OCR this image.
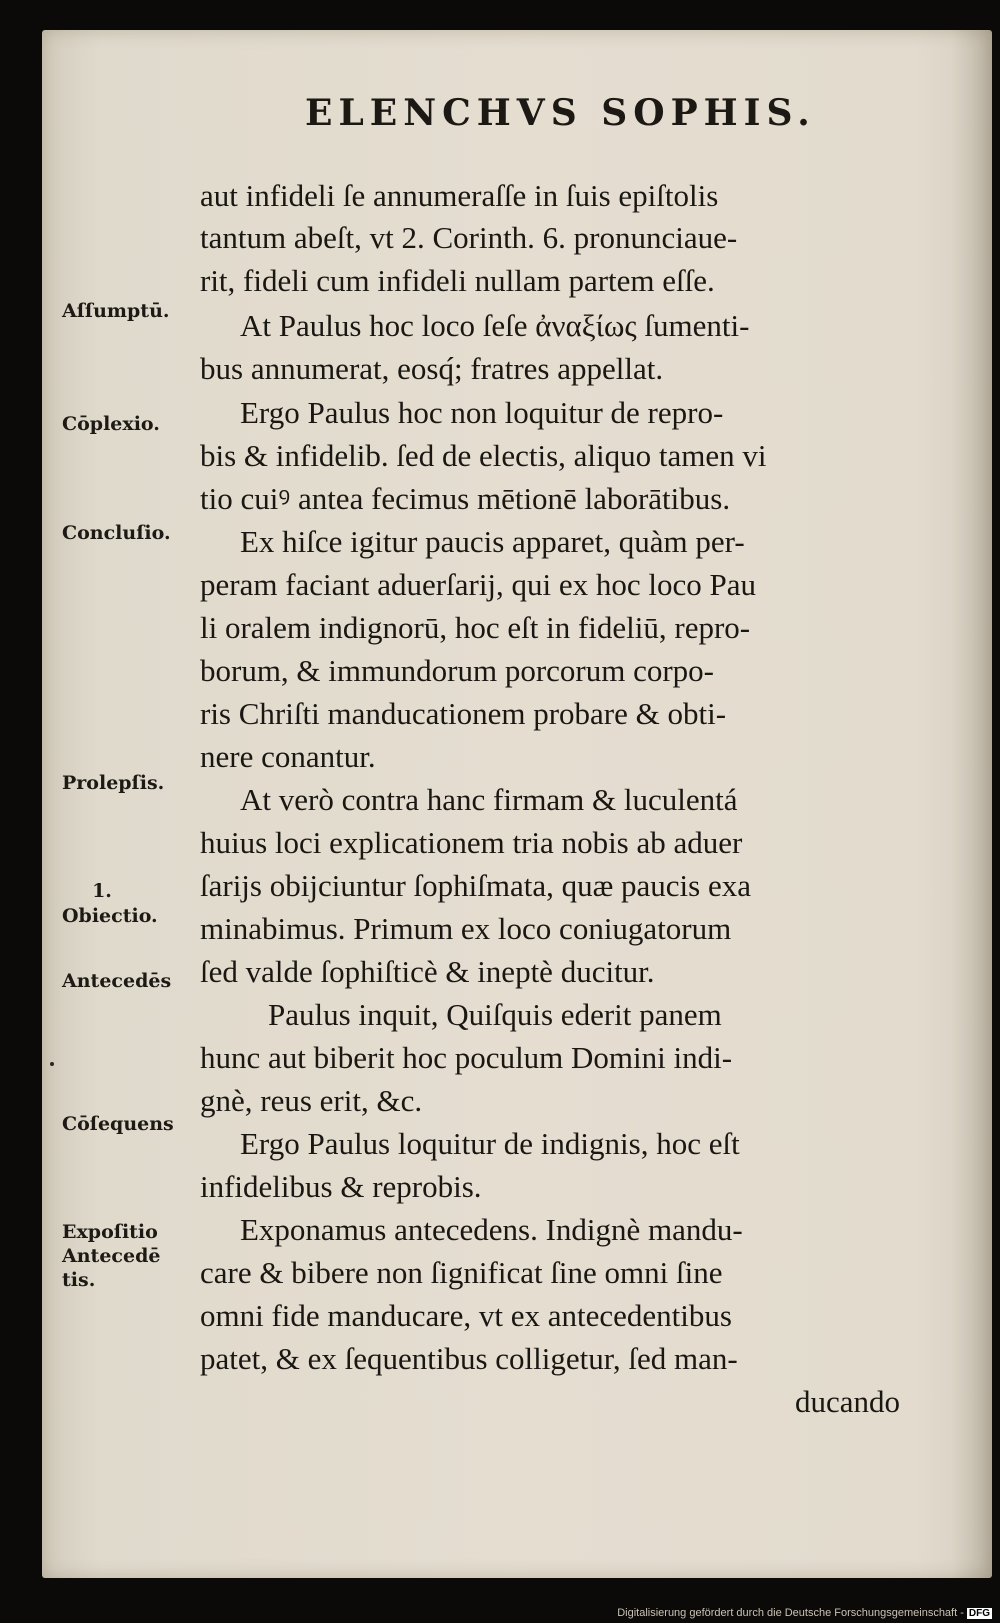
ELENCHVS SOPHIS.
Aſſumptū.
Cōplexio.
Concluſio.
Prolepſis.
1.
Obiectio.
Antecedēs
Cōſequens
Expoſitio
Antecedē
tis.
aut infideli ſe annumeraſſe in ſuis epiſtolis
tantum abeſt, vt 2. Corinth. 6. pronunciaue-
rit, fideli cum infideli nullam partem eſſe.
At Paulus hoc loco ſeſe ἀναξίως ſumenti-
bus annumerat, eosq́; fratres appellat.
Ergo Paulus hoc non loquitur de repro-
bis & infidelib. ſed de electis, aliquo tamen vi
tio cuiꝰ antea fecimus mētionē laborātibus.
Ex hiſce igitur paucis apparet, quàm per-
peram faciant aduerſarij, qui ex hoc loco Pau
li oralem indignorū, hoc eſt in fideliū, repro-
borum, & immundorum porcorum corpo-
ris Chriſti manducationem probare & obti-
nere conantur.
At verò contra hanc firmam & luculentá
huius loci explicationem tria nobis ab aduer
ſarijs obijciuntur ſophiſmata, quæ paucis exa
minabimus. Primum ex loco coniugatorum
ſed valde ſophiſticè & ineptè ducitur.
Paulus inquit, Quiſquis ederit panem
hunc aut biberit hoc poculum Domini indi-
gnè, reus erit, &c.
Ergo Paulus loquitur de indignis, hoc eſt
infidelibus & reprobis.
Exponamus antecedens. Indignè mandu-
care & bibere non ſignificat ſine omni ſine
omni fide manducare, vt ex antecedentibus
patet, & ex ſequentibus colligetur, ſed man-
ducando
Digitalisierung gefördert durch die Deutsche Forschungsgemeinschaft - DFG
